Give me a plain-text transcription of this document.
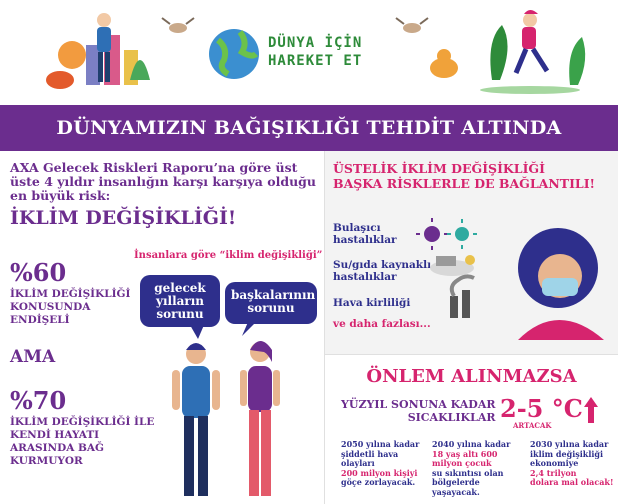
DÜNYA İÇİN
HAREKET ET
DÜNYAMIZIN BAĞIŞIKLIĞI TEHDİT ALTINDA
AXA Gelecek Riskleri Raporu’na göre üst üste 4 yıldır insanlığın karşı karşıya olduğu en büyük risk:
İKLİM DEĞİŞİKLİĞİ!
İnsanlara göre “iklim değişikliği”
%60
İKLİM DEĞİŞİKLİĞİ KONUSUNDA ENDİŞELİ
AMA
%70
İKLİM DEĞİŞİKLİĞİ İLE KENDİ HAYATI ARASINDA BAĞ KURMUYOR
gelecek yılların sorunu
başkalarının sorunu
ÜSTELİK İKLİM DEĞİŞİKLİĞİ
BAŞKA RİSKLERLE DE BAĞLANTILI!
Bulaşıcı
hastalıklar
Su/gıda kaynaklı
hastalıklar
Hava kirliliği
ve daha fazlası...
ÖNLEM ALINMAZSA
YÜZYIL SONUNA KADAR
SICAKLIKLAR 2-5 °C
ARTACAK
2050 yılına kadar şiddetli hava olayları
200 milyon kişiyi
göçe zorlayacak.
2040 yılına kadar
18 yaş altı 600 milyon çocuk
su sıkıntısı olan bölgelerde yaşayacak.
2030 yılına kadar iklim değişikliği ekonomiye
2,4 trilyon
dolara mal olacak!
